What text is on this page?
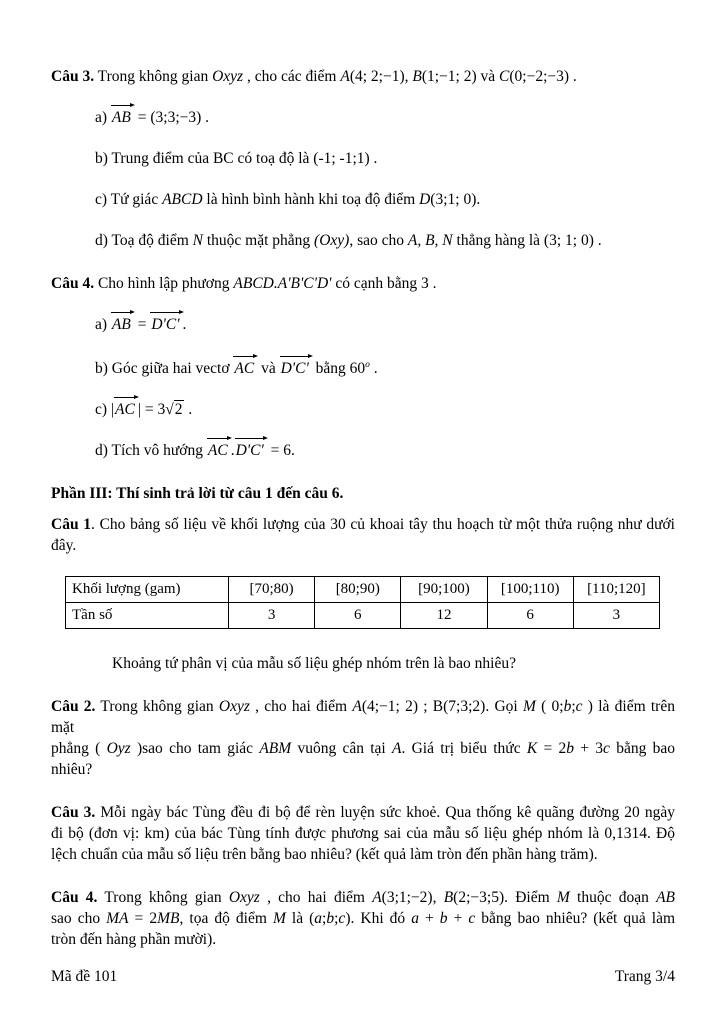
Câu 3. Trong không gian Oxyz , cho các điểm A(4; 2;−1), B(1;−1; 2) và C(0;−2;−3) .
a) AB = (3;3;−3) .
b) Trung điểm của BC có toạ độ là (-1; -1;1) .
c) Tứ giác ABCD là hình bình hành khi toạ độ điểm D(3;1; 0).
d) Toạ độ điểm N thuộc mặt phẳng (Oxy), sao cho A, B, N thẳng hàng là (3; 1; 0) .
Câu 4. Cho hình lập phương ABCD.A'B'C'D' có cạnh bằng 3 .
a) AB = D'C' .
b) Góc giữa hai vectơ AC và D'C' bằng 60$^o$ .
c) |AC | = 3√2 .
d) Tích vô hướng AC .D'C' = 6.
Phần III: Thí sinh trả lời từ câu 1 đến câu 6.
Câu 1. Cho bảng số liệu về khối lượng của 30 củ khoai tây thu hoạch từ một thửa ruộng như dưới
đây.
Khối lượng (gam)	[70;80)	[80;90)	[90;100)	[100;110)	[110;120]
Tần số	3	6	12	6	3
Khoảng tứ phân vị của mẫu số liệu ghép nhóm trên là bao nhiêu?
Câu 2. Trong không gian Oxyz , cho hai điểm A(4;−1; 2) ; B(7;3;2). Gọi M ( 0;b;c ) là điểm trên
mặt
phẳng ( Oyz )sao cho tam giác ABM vuông cân tại A. Giá trị biểu thức K = 2b + 3c bằng bao
nhiêu?
Câu 3. Mỗi ngày bác Tùng đều đi bộ để rèn luyện sức khoẻ. Qua thống kê quãng đường 20 ngày
đi bộ (đơn vị: km) của bác Tùng tính được phương sai của mẫu số liệu ghép nhóm là 0,1314. Độ
lệch chuẩn của mẫu số liệu trên bằng bao nhiêu? (kết quả làm tròn đến phần hàng trăm).
Câu 4. Trong không gian Oxyz , cho hai điểm A(3;1;−2), B(2;−3;5). Điểm M thuộc đoạn AB
sao cho MA = 2MB, tọa độ điểm M là (a;b;c). Khi đó a + b + c bằng bao nhiêu? (kết quả làm
tròn đến hàng phần mười).
Mã đề 101	Trang 3/4
